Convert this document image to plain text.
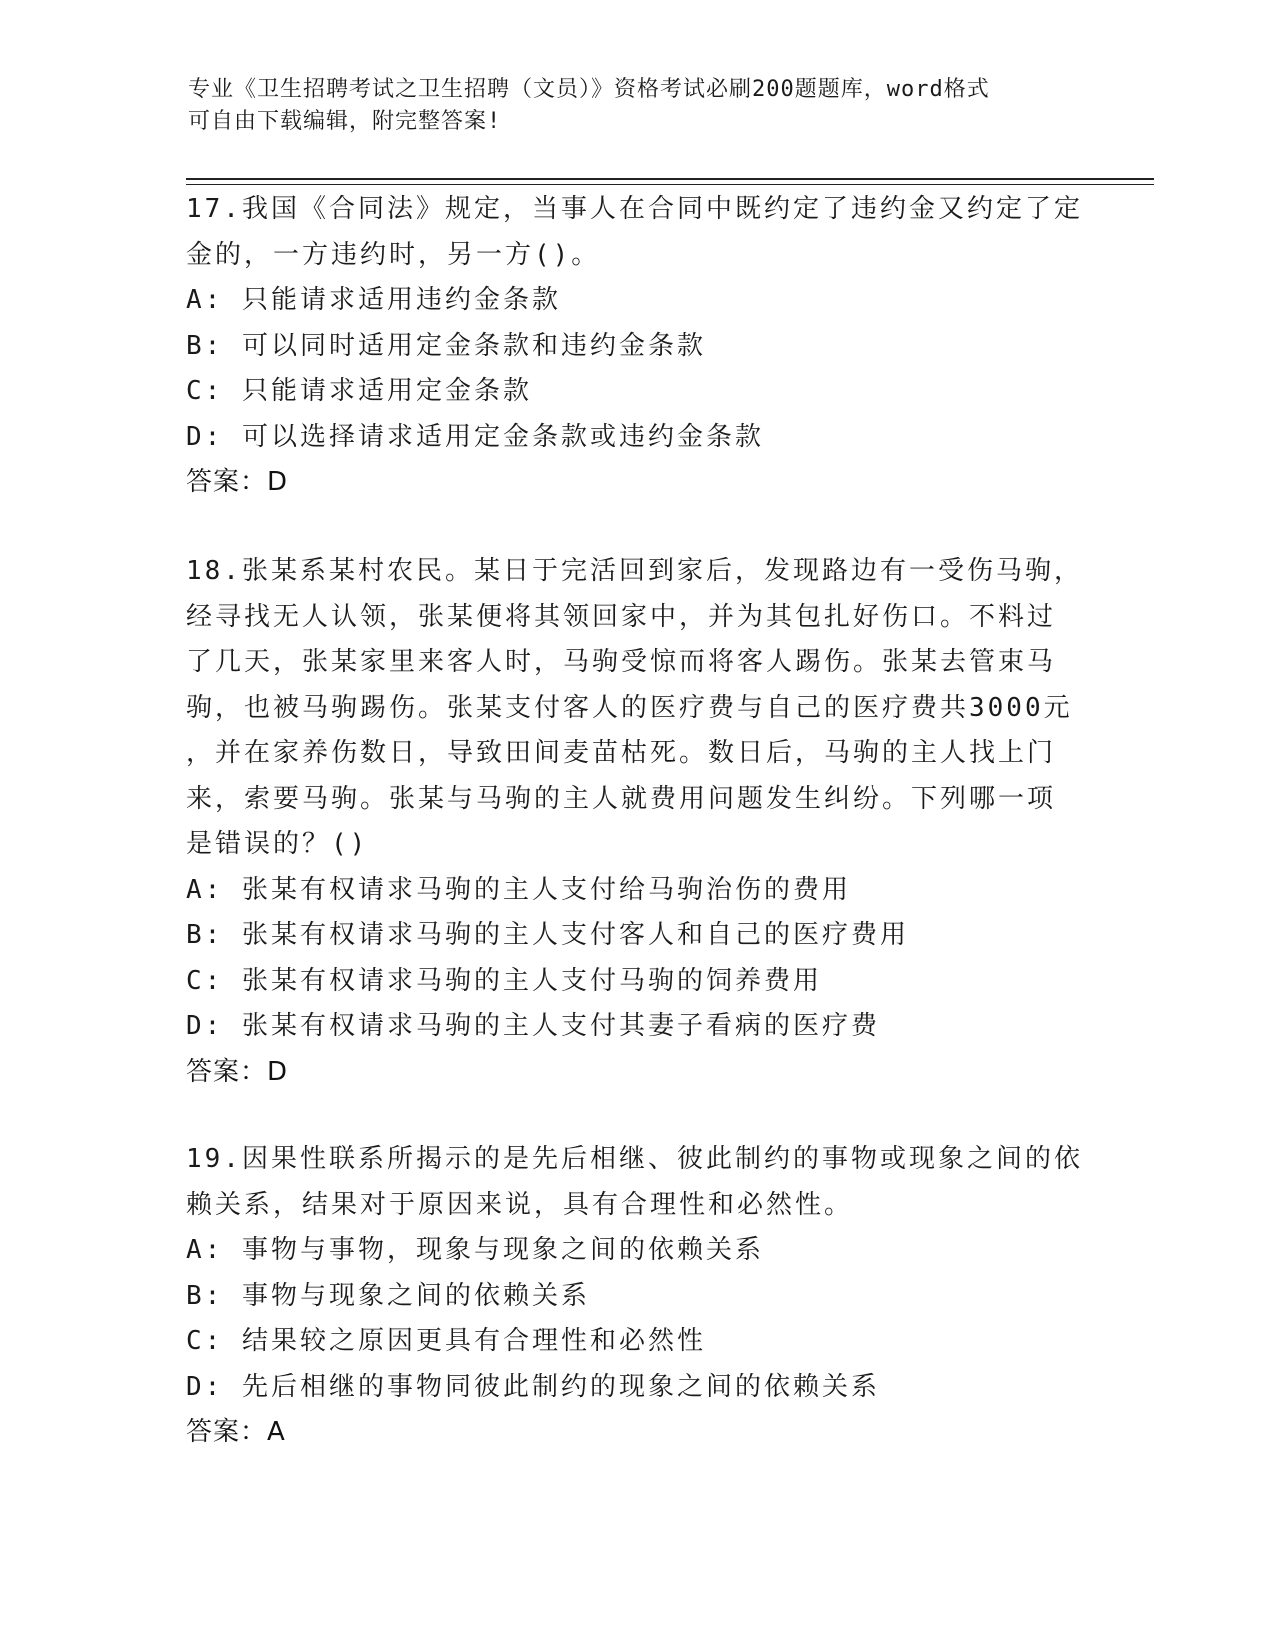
专业《卫生招聘考试之卫生招聘（文员）》资格考试必刷200题题库，word格式
可自由下载编辑，附完整答案!
17.我国《合同法》规定，当事人在合同中既约定了违约金又约定了定
金的，一方违约时，另一方()。
A: 只能请求适用违约金条款
B: 可以同时适用定金条款和违约金条款
C: 只能请求适用定金条款
D: 可以选择请求适用定金条款或违约金条款
答案：D
18.张某系某村农民。某日于完活回到家后，发现路边有一受伤马驹，
经寻找无人认领，张某便将其领回家中，并为其包扎好伤口。不料过
了几天，张某家里来客人时，马驹受惊而将客人踢伤。张某去管束马
驹，也被马驹踢伤。张某支付客人的医疗费与自己的医疗费共3000元
，并在家养伤数日，导致田间麦苗枯死。数日后，马驹的主人找上门
来，索要马驹。张某与马驹的主人就费用问题发生纠纷。下列哪一项
是错误的？()
A: 张某有权请求马驹的主人支付给马驹治伤的费用
B: 张某有权请求马驹的主人支付客人和自己的医疗费用
C: 张某有权请求马驹的主人支付马驹的饲养费用
D: 张某有权请求马驹的主人支付其妻子看病的医疗费
答案：D
19.因果性联系所揭示的是先后相继、彼此制约的事物或现象之间的依
赖关系，结果对于原因来说，具有合理性和必然性。
A: 事物与事物，现象与现象之间的依赖关系
B: 事物与现象之间的依赖关系
C: 结果较之原因更具有合理性和必然性
D: 先后相继的事物同彼此制约的现象之间的依赖关系
答案：A
